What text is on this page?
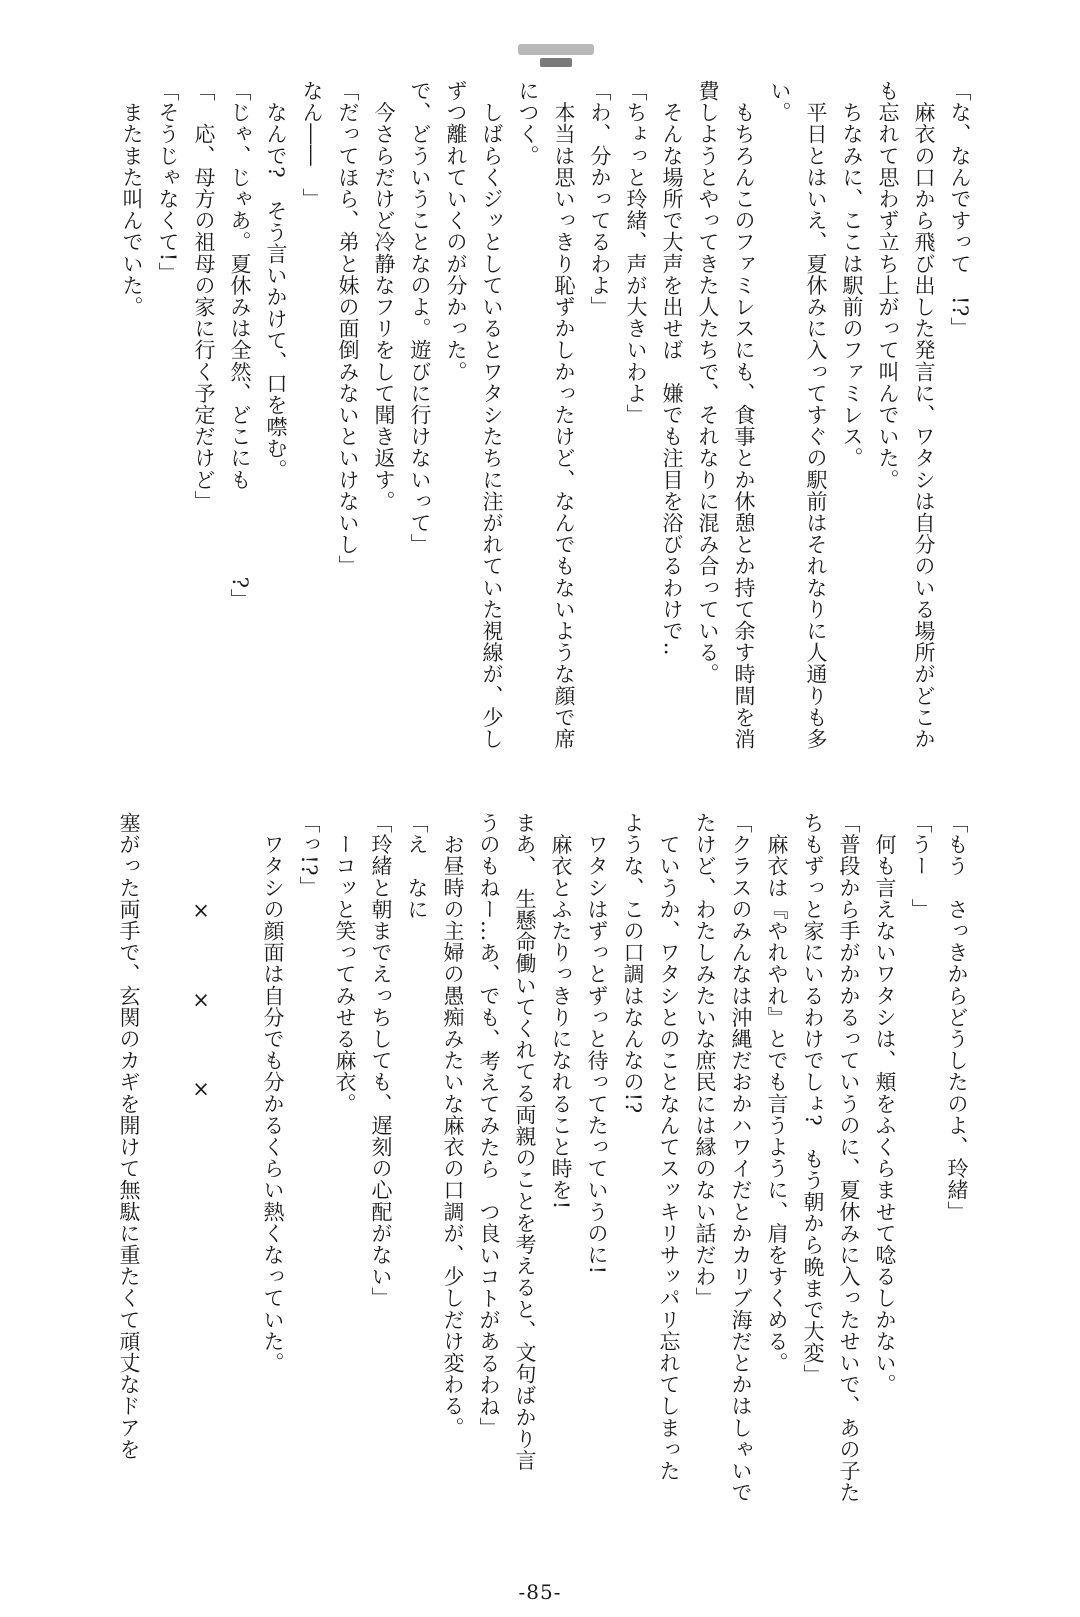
「な、なんですって　!?」
　麻衣の口から飛び出した発言に、ワタシは自分のいる場所がどこか
も忘れて思わず立ち上がって叫んでいた。
　ちなみに、ここは駅前のファミレス。
　平日とはいえ、夏休みに入ってすぐの駅前はそれなりに人通りも多
い。
　もちろんこのファミレスにも、食事とか休憩とか持て余す時間を消
費しようとやってきた人たちで、それなりに混み合っている。
　そんな場所で大声を出せば　嫌でも注目を浴びるわけで‥
「ちょっと玲緒、声が大きいわよ」
「わ、分かってるわよ」
　本当は思いっきり恥ずかしかったけど、なんでもないような顔で席
につく。
　しばらくジッとしているとワタシたちに注がれていた視線が、少し
ずつ離れていくのが分かった。
で、どういうことなのよ。遊びに行けないって」
　今さらだけど冷静なフリをして聞き返す。
「だってほら、弟と妹の面倒みないといけないし」
なん――　」
　なんで?　そう言いかけて、口を噤む。
「じゃ、じゃあ。夏休みは全然、どこにも　　　　?」
「　応、母方の祖母の家に行く予定だけど」
「そうじゃなくて!」
　またまた叫んでいた。
「もう　さっきからどうしたのよ、玲緒」
「うー　」
　何も言えないワタシは、頬をふくらませて唸るしかない。
「普段から手がかかるっていうのに、夏休みに入ったせいで、あの子た
ちもずっと家にいるわけでしょ?　もう朝から晩まで大変」
　麻衣は『やれやれ』とでも言うように、肩をすくめる。
「クラスのみんなは沖縄だおかハワイだとかカリブ海だとかはしゃいで
たけど、わたしみたいな庶民には縁のない話だわ」
　ていうか、ワタシとのことなんてスッキリサッパリ忘れてしまった
ような、この口調はなんなの!?
　ワタシはずっとずっと待ってたっていうのに!
　麻衣とふたりっきりになれること時を!
まあ、　生懸命働いてくれてる両親のことを考えると、文句ばかり言
うのもねー‥.あ、でも、考えてみたら　つ良いコトがあるわね」
　お昼時の主婦の愚痴みたいな麻衣の口調が、少しだけ変わる。
「え　なに
「玲緒と朝までえっちしても、遅刻の心配がない」
　ーコッと笑ってみせる麻衣。
「っ!?」
　ワタシの顔面は自分でも分かるくらい熱くなっていた。
　　　　×　　　×　　　×
塞がった両手で、玄関のカギを開けて無駄に重たくて頑丈なドアを
-85-
